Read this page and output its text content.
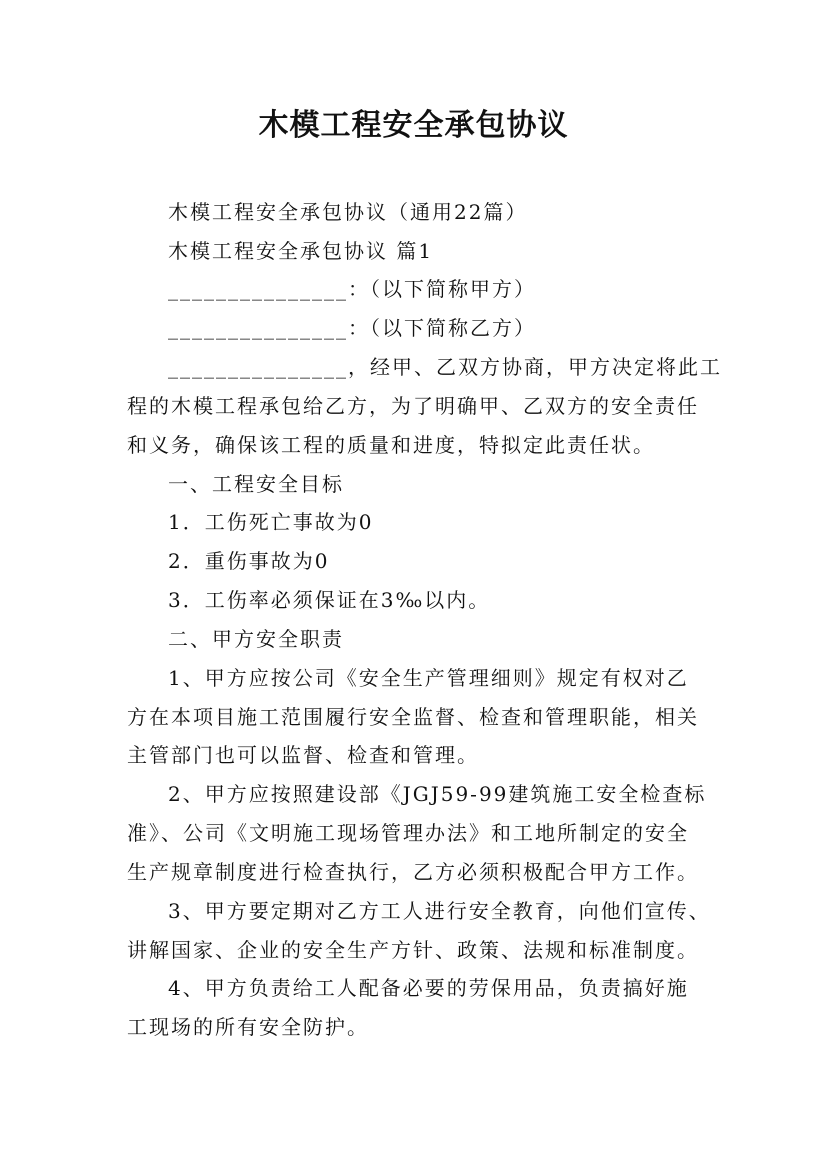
木模工程安全承包协议
木模工程安全承包协议（通用22篇）
木模工程安全承包协议 篇1
_______________：（以下简称甲方）
_______________：（以下简称乙方）
_______________，经甲、乙双方协商，甲方决定将此工
程的木模工程承包给乙方，为了明确甲、乙双方的安全责任
和义务，确保该工程的质量和进度，特拟定此责任状。
一、工程安全目标
1．工伤死亡事故为0
2．重伤事故为0
3．工伤率必须保证在3‰以内。
二、甲方安全职责
1、甲方应按公司《安全生产管理细则》规定有权对乙
方在本项目施工范围履行安全监督、检查和管理职能，相关
主管部门也可以监督、检查和管理。
2、甲方应按照建设部《JGJ59-99建筑施工安全检查标
准》、公司《文明施工现场管理办法》和工地所制定的安全
生产规章制度进行检查执行，乙方必须积极配合甲方工作。
3、甲方要定期对乙方工人进行安全教育，向他们宣传、
讲解国家、企业的安全生产方针、政策、法规和标准制度。
4、甲方负责给工人配备必要的劳保用品，负责搞好施
工现场的所有安全防护。
